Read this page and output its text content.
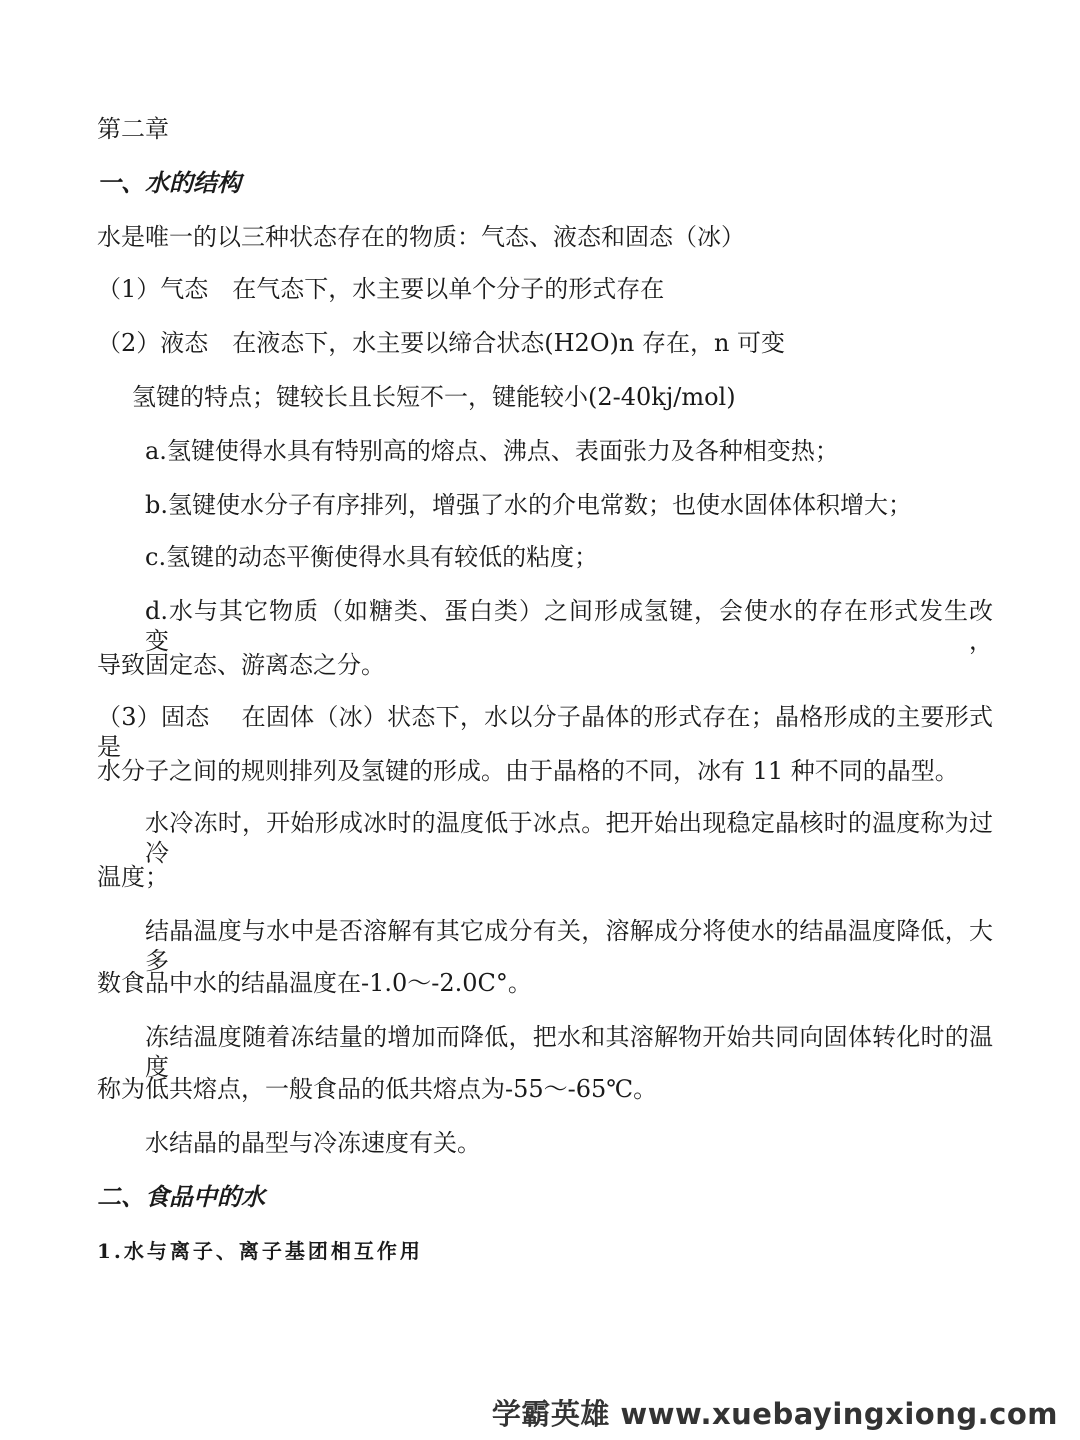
第二章
一、水的结构
水是唯一的以三种状态存在的物质：气态、液态和固态（冰）
（1）气态　在气态下，水主要以单个分子的形式存在
（2）液态　在液态下，水主要以缔合状态(H2O)n 存在，n 可变
氢键的特点；键较长且长短不一，键能较小(2-40kj/mol)
a.氢键使得水具有特别高的熔点、沸点、表面张力及各种相变热；
b.氢键使水分子有序排列，增强了水的介电常数；也使水固体体积增大；
c.氢键的动态平衡使得水具有较低的粘度；
d.水与其它物质（如糖类、蛋白类）之间形成氢键，会使水的存在形式发生改变，
导致固定态、游离态之分。
（3）固态　 在固体（冰）状态下，水以分子晶体的形式存在；晶格形成的主要形式是
水分子之间的规则排列及氢键的形成。由于晶格的不同，冰有 11 种不同的晶型。
水冷冻时，开始形成冰时的温度低于冰点。把开始出现稳定晶核时的温度称为过冷
温度；
结晶温度与水中是否溶解有其它成分有关，溶解成分将使水的结晶温度降低，大多
数食品中水的结晶温度在-1.0～-2.0C°。
冻结温度随着冻结量的增加而降低，把水和其溶解物开始共同向固体转化时的温度
称为低共熔点，一般食品的低共熔点为-55～-65℃。
水结晶的晶型与冷冻速度有关。
二、食品中的水
1.水与离子、离子基团相互作用
学霸英雄 www.xuebayingxiong.com
